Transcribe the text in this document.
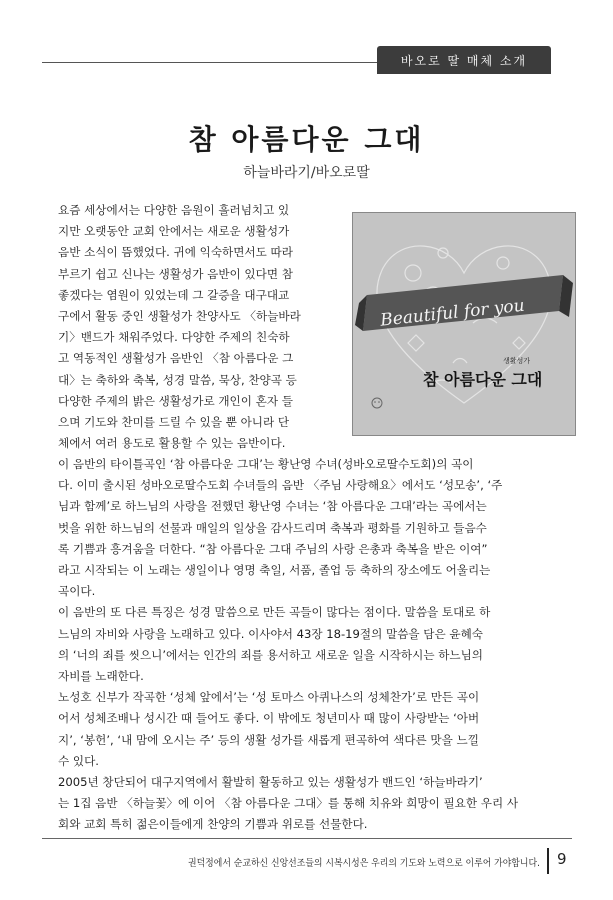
바오로 딸 매체 소개
참 아름다운 그대
하늘바라기/바오로딸
Beautiful for you
생활성가
참 아름다운 그대
요즘 세상에서는 다양한 음원이 흘러넘치고 있
지만 오랫동안 교회 안에서는 새로운 생활성가
음반 소식이 뜸했었다. 귀에 익숙하면서도 따라
부르기 쉽고 신나는 생활성가 음반이 있다면 참
좋겠다는 염원이 있었는데 그 갈증을 대구대교
구에서 활동 중인 생활성가 찬양사도 〈하늘바라
기〉밴드가 채워주었다. 다양한 주제의 친숙하
고 역동적인 생활성가 음반인 〈참 아름다운 그
대〉는 축하와 축복, 성경 말씀, 묵상, 찬양곡 등
다양한 주제의 밝은 생활성가로 개인이 혼자 들
으며 기도와 찬미를 드릴 수 있을 뿐 아니라 단
체에서 여러 용도로 활용할 수 있는 음반이다.
이 음반의 타이틀곡인 ‘참 아름다운 그대’는 황난영 수녀(성바오로딸수도회)의 곡이
다. 이미 출시된 성바오로딸수도회 수녀들의 음반 〈주님 사랑해요〉에서도 ‘성모송’, ‘주
님과 함께’로 하느님의 사랑을 전했던 황난영 수녀는 ‘참 아름다운 그대’라는 곡에서는
벗을 위한 하느님의 선물과 매일의 일상을 감사드리며 축복과 평화를 기원하고 들음수
록 기쁨과 흥겨움을 더한다. “참 아름다운 그대 주님의 사랑 은총과 축복을 받은 이여”
라고 시작되는 이 노래는 생일이나 영명 축일, 서품, 졸업 등 축하의 장소에도 어울리는
곡이다.
이 음반의 또 다른 특징은 성경 말씀으로 만든 곡들이 많다는 점이다. 말씀을 토대로 하
느님의 자비와 사랑을 노래하고 있다. 이사야서 43장 18-19절의 말씀을 담은 윤혜숙
의 ‘너의 죄를 씻으니’에서는 인간의 죄를 용서하고 새로운 일을 시작하시는 하느님의
자비를 노래한다.
노성호 신부가 작곡한 ‘성체 앞에서’는 ‘성 토마스 아퀴나스의 성체찬가’로 만든 곡이
어서 성체조배나 성시간 때 들어도 좋다. 이 밖에도 청년미사 때 많이 사랑받는 ‘아버
지’, ‘봉헌’, ‘내 맘에 오시는 주’ 등의 생활 성가를 새롭게 편곡하여 색다른 맛을 느낄
수 있다.
2005년 창단되어 대구지역에서 활발히 활동하고 있는 생활성가 밴드인 ‘하늘바라기’
는 1집 음반 〈하늘꽃〉에 이어 〈참 아름다운 그대〉를 통해 치유와 희망이 필요한 우리 사
회와 교회 특히 젊은이들에게 찬양의 기쁨과 위로를 선물한다.
권덕정에서 순교하신 신앙선조들의 시복시성은 우리의 기도와 노력으로 이루어 가야합니다. 9
